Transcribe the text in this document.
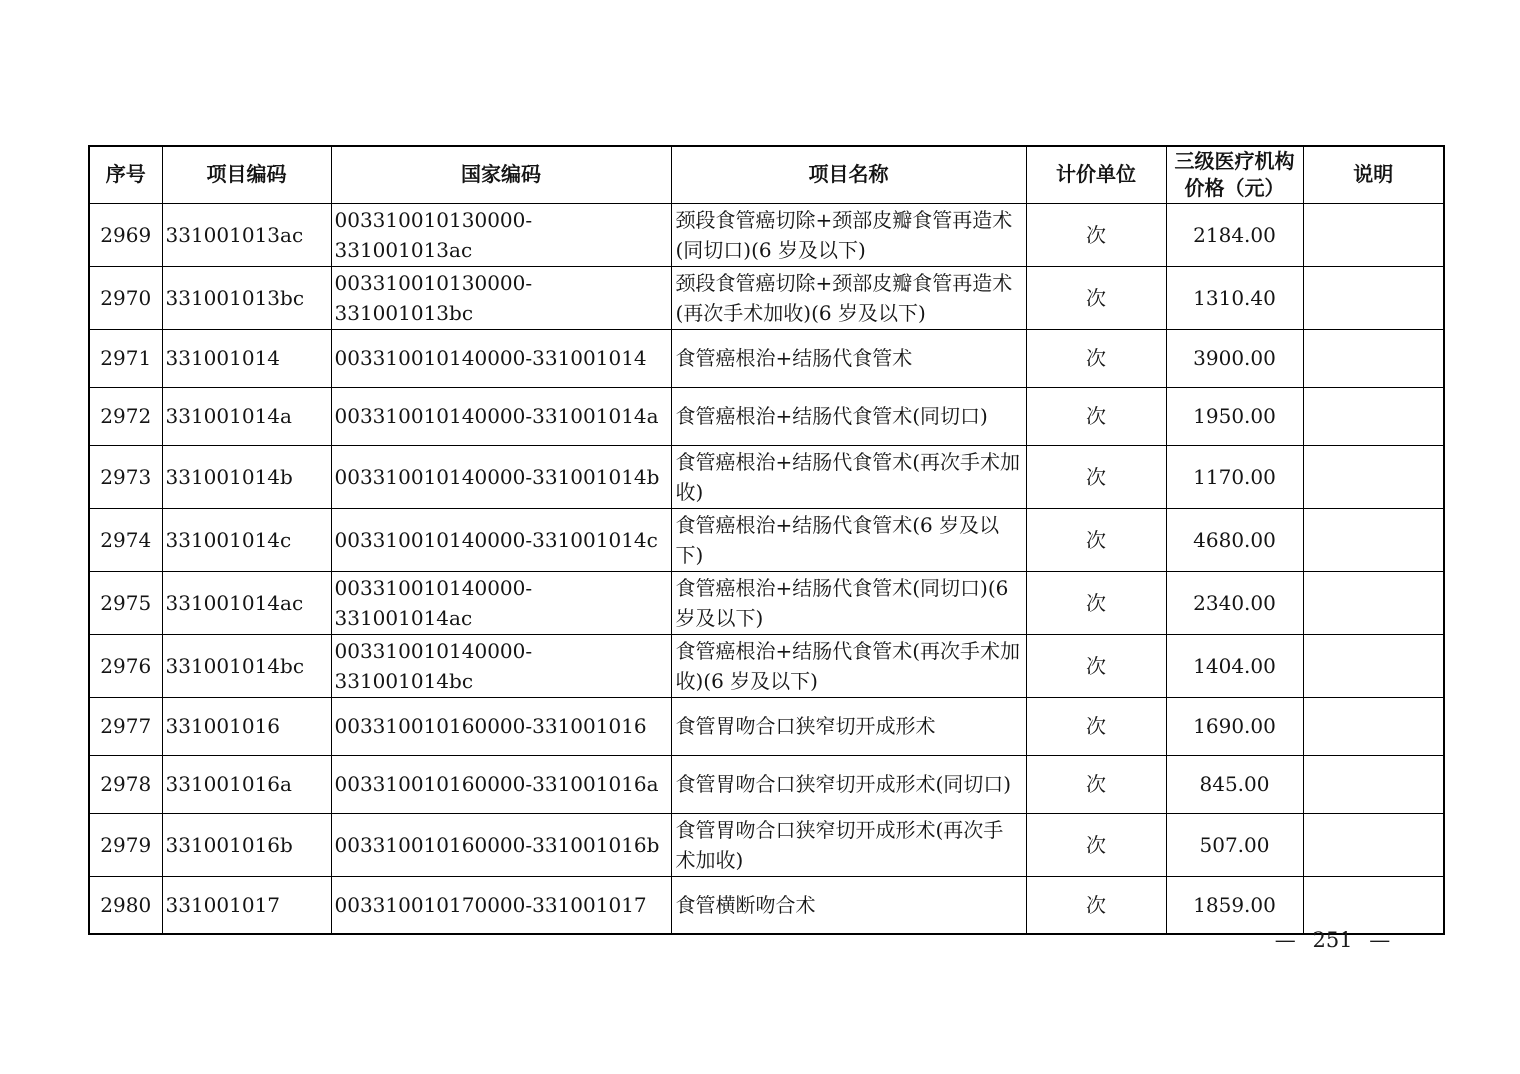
序号	项目编码	国家编码	项目名称	计价单位	三级医疗机构价格（元）	说明
2969	331001013ac	003310010130000-331001013ac	颈段食管癌切除+颈部皮瓣食管再造术(同切口)(6 岁及以下)	次	2184.00	
2970	331001013bc	003310010130000-331001013bc	颈段食管癌切除+颈部皮瓣食管再造术(再次手术加收)(6 岁及以下)	次	1310.40	
2971	331001014	003310010140000-331001014	食管癌根治+结肠代食管术	次	3900.00	
2972	331001014a	003310010140000-331001014a	食管癌根治+结肠代食管术(同切口)	次	1950.00	
2973	331001014b	003310010140000-331001014b	食管癌根治+结肠代食管术(再次手术加收)	次	1170.00	
2974	331001014c	003310010140000-331001014c	食管癌根治+结肠代食管术(6 岁及以下)	次	4680.00	
2975	331001014ac	003310010140000-331001014ac	食管癌根治+结肠代食管术(同切口)(6 岁及以下)	次	2340.00	
2976	331001014bc	003310010140000-331001014bc	食管癌根治+结肠代食管术(再次手术加收)(6 岁及以下)	次	1404.00	
2977	331001016	003310010160000-331001016	食管胃吻合口狭窄切开成形术	次	1690.00	
2978	331001016a	003310010160000-331001016a	食管胃吻合口狭窄切开成形术(同切口)	次	845.00	
2979	331001016b	003310010160000-331001016b	食管胃吻合口狭窄切开成形术(再次手术加收)	次	507.00	
2980	331001017	003310010170000-331001017	食管横断吻合术	次	1859.00	
— 251 —
